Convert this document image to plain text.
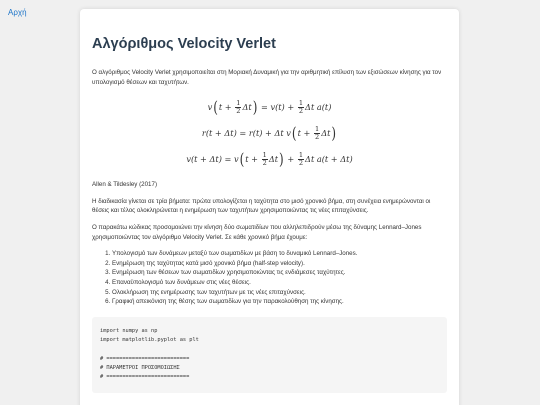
Αρχή
Αλγόριθμος Velocity Verlet

Ο αλγόριθμος Velocity Verlet χρησιμοποιείται στη Μοριακή Δυναμική για την αριθμητική επίλυση των εξισώσεων κίνησης για τον υπολογισμό θέσεων και ταχυτήτων.

v ( t +
$\frac{1}{2}$ Δt )
= v(t) +
$\frac{1}{2}$ Δt a(t)
r(t + Δt) = r(t) + Δt v ( t +
$\frac{1}{2}$ Δt )
v(t + Δt) = v ( t +
$\frac{1}{2}$ Δt )
+
$\frac{1}{2}$ Δt a(t + Δt)

Allen & Tildesley (2017)

Η διαδικασία γίνεται σε τρία βήματα: πρώτα υπολογίζεται η ταχύτητα στο μισό χρονικό βήμα, στη συνέχεια ενημερώνονται οι θέσεις και τέλος ολοκληρώνεται η ενημέρωση των ταχυτήτων χρησιμοποιώντας τις νέες επιταχύνσεις.

Ο παρακάτω κώδικας προσομοιώνει την κίνηση δύο σωματιδίων που αλληλεπιδρούν μέσω της δύναμης Lennard–Jones χρησιμοποιώντας τον αλγόριθμο Velocity Verlet. Σε κάθε χρονικό βήμα έχουμε:

1. Υπολογισμό των δυνάμεων μεταξύ των σωματιδίων με βάση το δυναμικό Lennard–Jones.
2. Ενημέρωση της ταχύτητας κατά μισό χρονικό βήμα (half-step velocity).
3. Ενημέρωση των θέσεων των σωματιδίων χρησιμοποιώντας τις ενδιάμεσες ταχύτητες.
4. Επαναϋπολογισμό των δυνάμεων στις νέες θέσεις.
5. Ολοκλήρωση της ενημέρωσης των ταχυτήτων με τις νέες επιταχύνσεις.
6. Γραφική απεικόνιση της θέσης των σωματιδίων για την παρακολούθηση της κίνησης.
import numpy as np
import matplotlib.pyplot as plt

# ==========================
# ΠΑΡΑΜΕΤΡΟΙ ΠΡΟΣΟΜΟΙΩΣΗΣ
# ==========================
